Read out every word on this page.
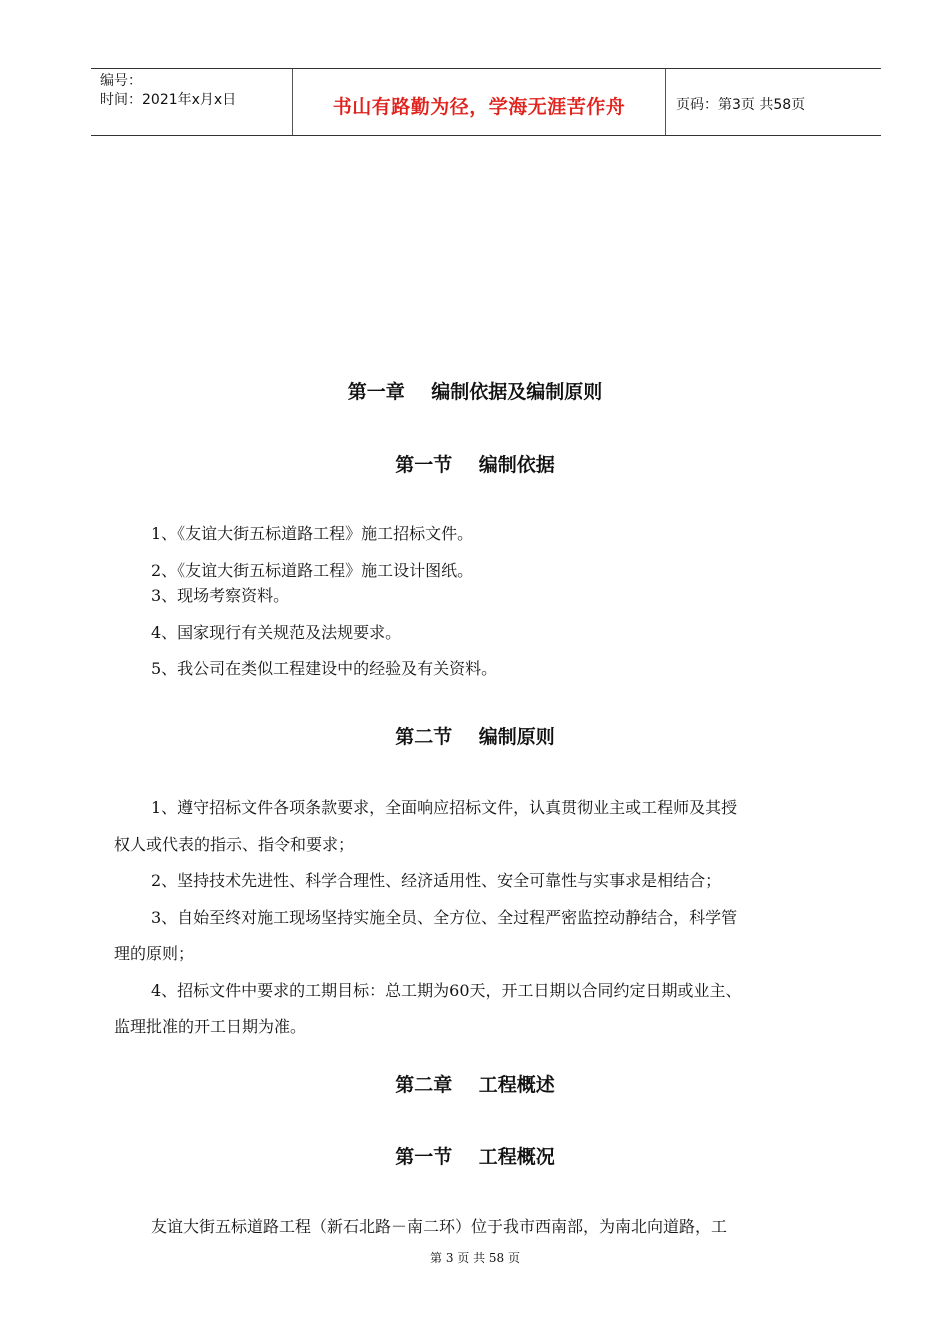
编号：
时间：2021年x月x日	书山有路勤为径，学海无涯苦作舟	页码：第3页 共58页
第一章    编制依据及编制原则
第一节    编制依据
1、《友谊大街五标道路工程》施工招标文件。
2、《友谊大街五标道路工程》施工设计图纸。
3、现场考察资料。
4、国家现行有关规范及法规要求。
5、我公司在类似工程建设中的经验及有关资料。
第二节    编制原则
1、遵守招标文件各项条款要求，全面响应招标文件，认真贯彻业主或工程师及其授
权人或代表的指示、指令和要求；
2、坚持技术先进性、科学合理性、经济适用性、安全可靠性与实事求是相结合；
3、自始至终对施工现场坚持实施全员、全方位、全过程严密监控动静结合，科学管
理的原则；
4、招标文件中要求的工期目标：总工期为60天，开工日期以合同约定日期或业主、
监理批准的开工日期为准。
第二章    工程概述
第一节    工程概况
友谊大街五标道路工程（新石北路－南二环）位于我市西南部，为南北向道路，工
第 3 页 共 58 页
